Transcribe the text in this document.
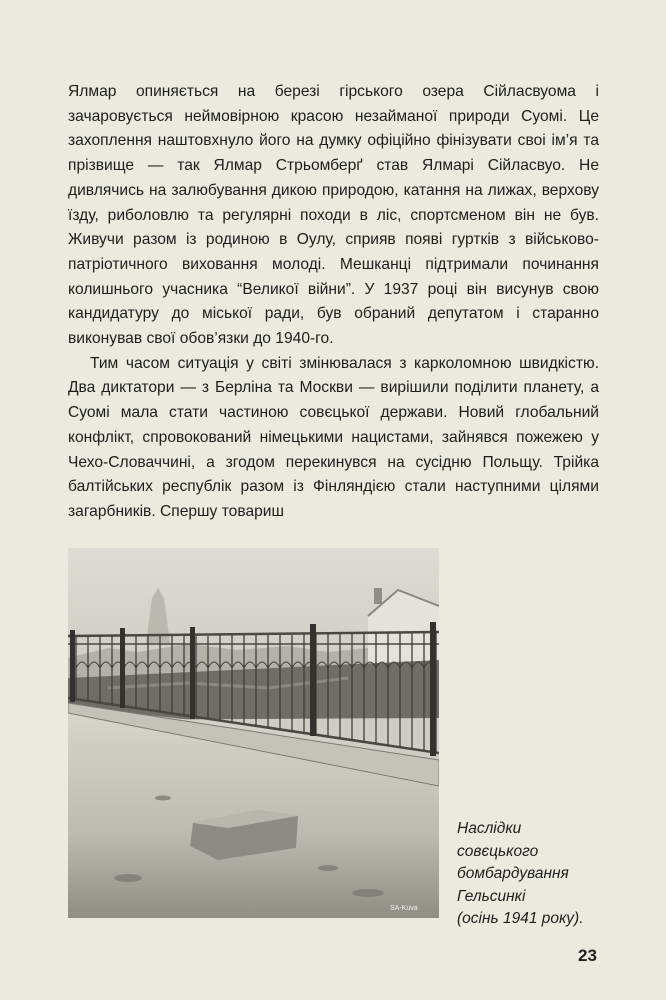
Ялмар опиняється на березі гірського озера Сійласвуома і зачаровується неймовірною красою незайманої природи Суомі. Це захоплення наштовхнуло його на думку офіційно фінізувати своі ім’я та прізвище — так Ялмар Стрьомберґ став Ялмарі Сійласвуо. Не дивлячись на залюбування дикою природою, катання на лижах, верхову їзду, риболовлю та регулярні походи в ліс, спортсменом він не був. Живучи разом із родиною в Оулу, сприяв появі гуртків з військово-патріотичного виховання молоді. Мешканці підтримали починання колишнього учасника “Великої війни”. У 1937 році він висунув свою кандидатуру до міської ради, був обраний депутатом і старанно виконував свої обов’язки до 1940-го.

Тим часом ситуація у світі змінювалася з карколомною швидкістю. Два диктатори — з Берліна та Москви — вирішили поділити планету, а Суомі мала стати частиною совєцької держави. Новий глобальний конфлікт, спровокований німецькими нацистами, зайнявся пожежею у Чехо-Словаччині, а згодом перекинувся на сусідню Польщу. Трійка балтійських республік разом із Фінляндією стали наступними цілями загарбників. Спершу товариш

SA-Kuva
Наслідки
совєцького
бомбардування
Гельсинкі
(осінь 1941 року).
23
